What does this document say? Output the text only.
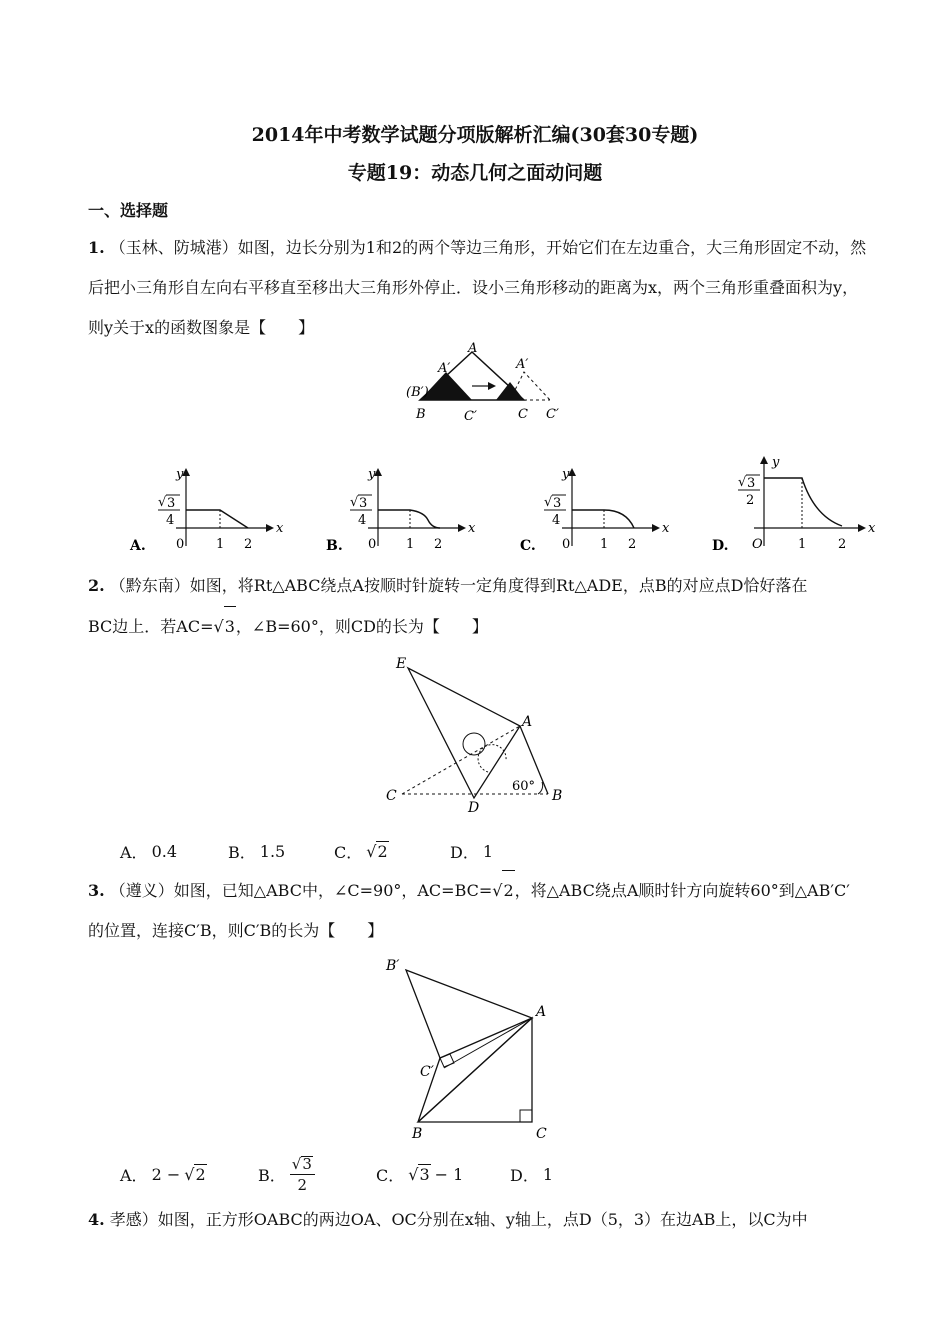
2014年中考数学试题分项版解析汇编(30套30专题)
专题19：动态几何之面动问题
一、选择题
1. （玉林、防城港）如图，边长分别为1和2的两个等边三角形，开始它们在左边重合，大三角形固定不动，然后把小三角形自左向右平移直至移出大三角形外停止．设小三角形移动的距离为x，两个三角形重叠面积为y，则y关于x的函数图象是【　　】
A
A′	A′
(B′)
B	C′	C C′
A.
y
x
√ 3
4
0 1 2	B.
y
x
√ 3
4
0 1 2	C.
y
x
√ 3
4
0 1 2	D.
y
x
√ 3
2
O	1 2
2. （黔东南）如图，将Rt△ABC绕点A按顺时针旋转一定角度得到Rt△ADE，点B的对应点D恰好落在
BC边上．若AC=√ 3 ，∠B=60°，则CD的长为【　　】
E
A
C
D
B
60°
A． 0.4	B． 1.5	C． √ 2	D． 1
3. （遵义）如图，已知△ABC中，∠C=90°，AC=BC=√ 2 ，将△ABC绕点A顺时针方向旋转60°到△AB′C′
的位置，连接C′B，则C′B的长为【　　】
B′
A
C′
B	C
A． 2 − √ 2	B． $\frac{√ 3}{2}$	C． √ 3 − 1	D． 1
4. 孝感）如图，正方形OABC的两边OA、OC分别在x轴、y轴上，点D（5，3）在边AB上，以C为中
